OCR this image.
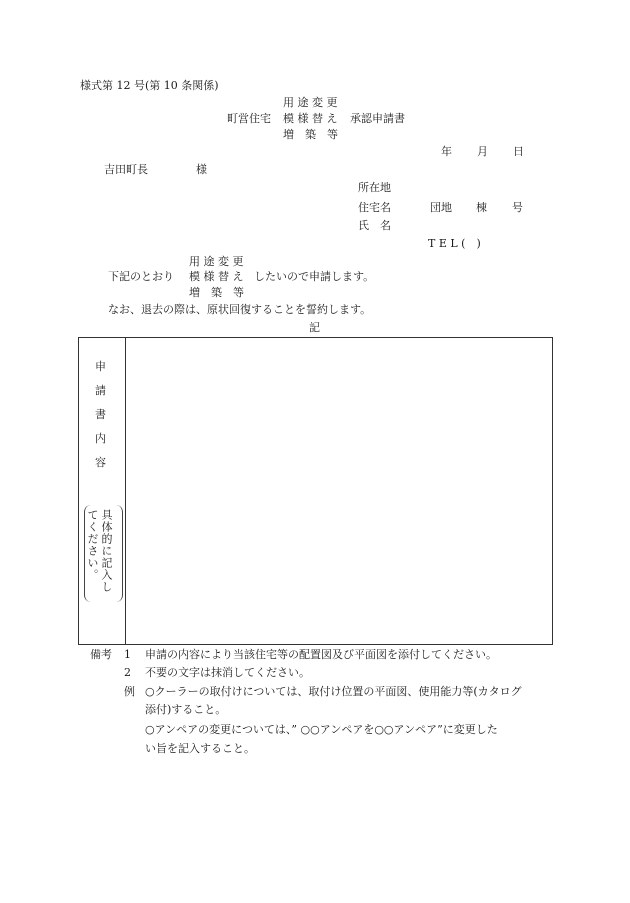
様式第 12 号(第 10 条関係)
用 途 変 更
町営住宅 模 様 替 え 承認申請書
増　築　等
年 月 日
吉田町長	様
所在地
住宅名	団地 棟 号
氏　名
T E L (　)
用 途 変 更
下記のとおり 模 様 替 え したいので申請します。
増　築　等
なお、退去の際は、原状回復することを誓約します。
記
申
請
書
内
容
具体的に記入し
てください。
備考 1 申請の内容により当該住宅等の配置図及び平面図を添付してください。
2 不要の文字は抹消してください。
例 ○クーラーの取付けについては、取付け位置の平面図、使用能力等(カタログ
添付)すること。
○アンペアの変更については、” ○○アンペアを○○アンペア”に変更した
い旨を記入すること。
